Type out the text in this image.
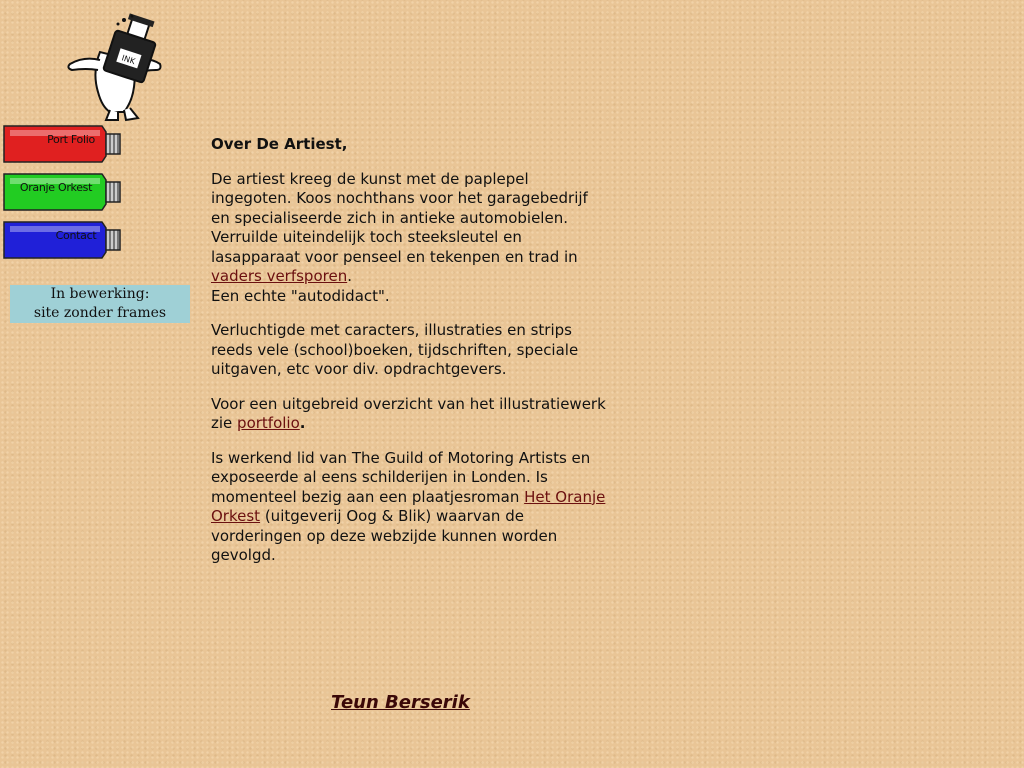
INK
Port Folio
Oranje Orkest
Contact
In bewerking:
site zonder frames

Over De Artiest,

De artiest kreeg de kunst met de paplepel ingegoten. Koos nochthans voor het garagebedrijf en specialiseerde zich in antieke automobielen. Verruilde uiteindelijk toch steeksleutel en lasapparaat voor penseel en tekenpen en trad in vaders verfsporen.
Een echte "autodidact".

Verluchtigde met caracters, illustraties en strips reeds vele (school)boeken, tijdschriften, speciale uitgaven, etc voor div. opdrachtgevers.

Voor een uitgebreid overzicht van het illustratiewerk zie portfolio.

Is werkend lid van The Guild of Motoring Artists en exposeerde al eens schilderijen in Londen. Is momenteel bezig aan een plaatjesroman Het Oranje Orkest (uitgeverij Oog & Blik) waarvan de vorderingen op deze webzijde kunnen worden gevolgd.

Teun Berserik
